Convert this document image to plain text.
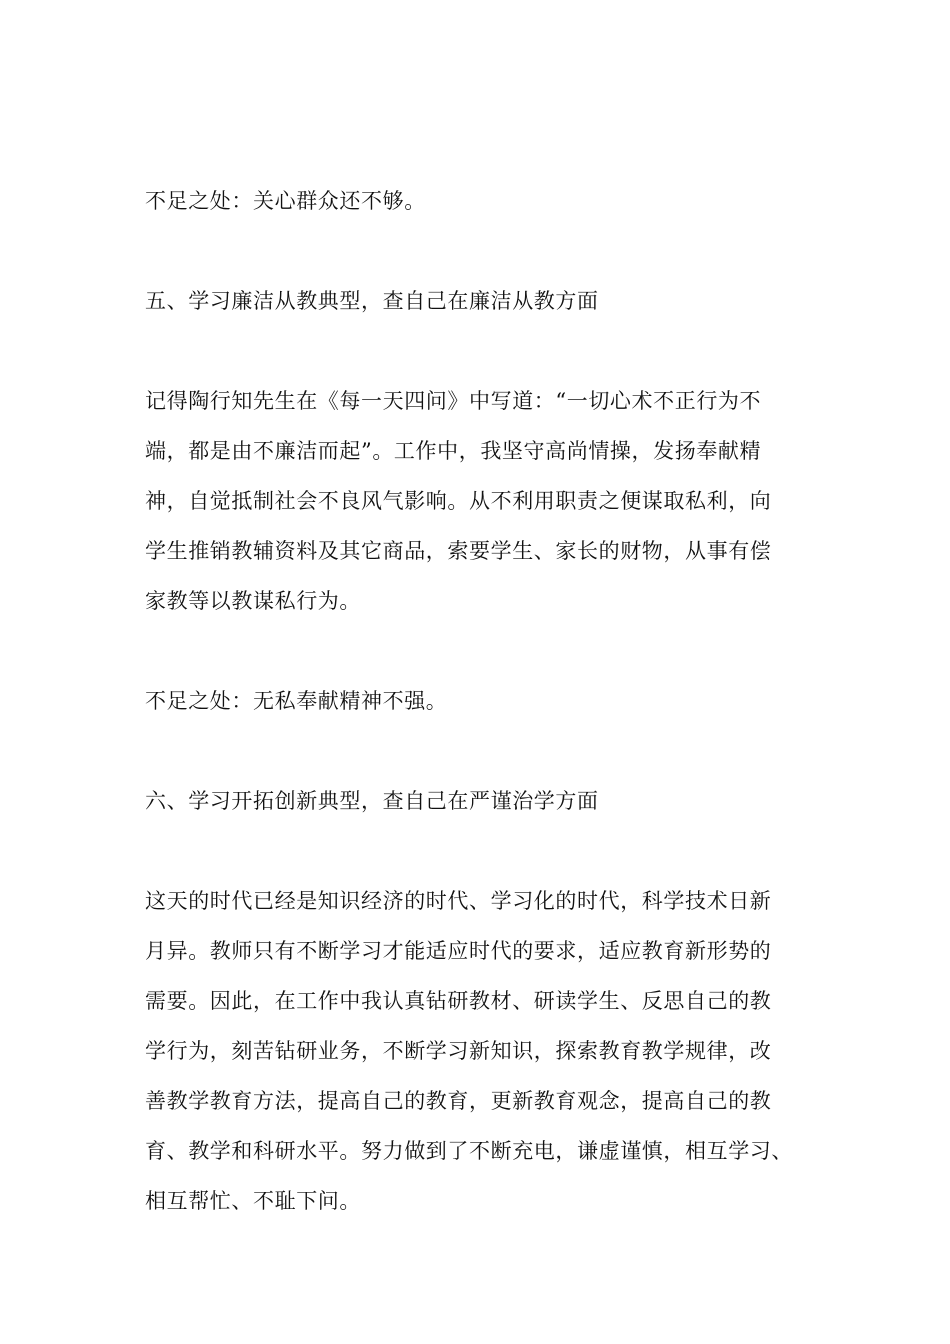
不足之处：关心群众还不够。
五、学习廉洁从教典型，查自己在廉洁从教方面
记得陶行知先生在《每一天四问》中写道：“一切心术不正行为不
端，都是由不廉洁而起”。工作中，我坚守高尚情操，发扬奉献精
神，自觉抵制社会不良风气影响。从不利用职责之便谋取私利，向
学生推销教辅资料及其它商品，索要学生、家长的财物，从事有偿
家教等以教谋私行为。
不足之处：无私奉献精神不强。
六、学习开拓创新典型，查自己在严谨治学方面
这天的时代已经是知识经济的时代、学习化的时代，科学技术日新
月异。教师只有不断学习才能适应时代的要求，适应教育新形势的
需要。因此，在工作中我认真钻研教材、研读学生、反思自己的教
学行为，刻苦钻研业务，不断学习新知识，探索教育教学规律，改
善教学教育方法，提高自己的教育，更新教育观念，提高自己的教
育、教学和科研水平。努力做到了不断充电，谦虚谨慎，相互学习、
相互帮忙、不耻下问。
